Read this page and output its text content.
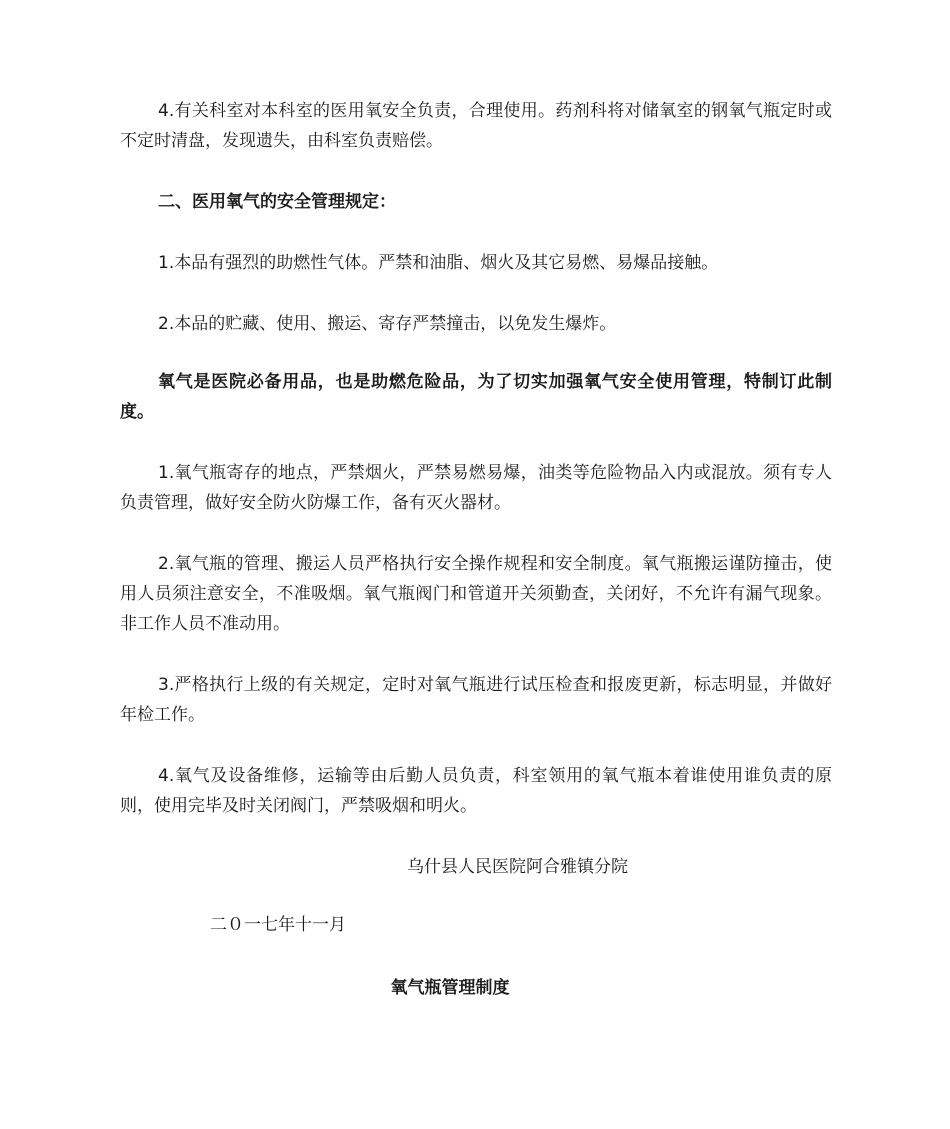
4.有关科室对本科室的医用氧安全负责，合理使用。药剂科将对储氧室的钢氧气瓶定时或不定时清盘，发现遗失，由科室负责赔偿。

二、医用氧气的安全管理规定：

1.本品有强烈的助燃性气体。严禁和油脂、烟火及其它易燃、易爆品接触。

2.本品的贮藏、使用、搬运、寄存严禁撞击，以免发生爆炸。

氧气是医院必备用品，也是助燃危险品，为了切实加强氧气安全使用管理，特制订此制度。

1.氧气瓶寄存的地点，严禁烟火，严禁易燃易爆，油类等危险物品入内或混放。须有专人负责管理，做好安全防火防爆工作，备有灭火器材。

2.氧气瓶的管理、搬运人员严格执行安全操作规程和安全制度。氧气瓶搬运谨防撞击，使用人员须注意安全，不准吸烟。氧气瓶阀门和管道开关须勤查，关闭好，不允许有漏气现象。非工作人员不准动用。

3.严格执行上级的有关规定，定时对氧气瓶进行试压检查和报废更新，标志明显，并做好年检工作。

4.氧气及设备维修，运输等由后勤人员负责，科室领用的氧气瓶本着谁使用谁负责的原则，使用完毕及时关闭阀门，严禁吸烟和明火。

乌什县人民医院阿合雅镇分院

二０一七年十一月

氧气瓶管理制度
